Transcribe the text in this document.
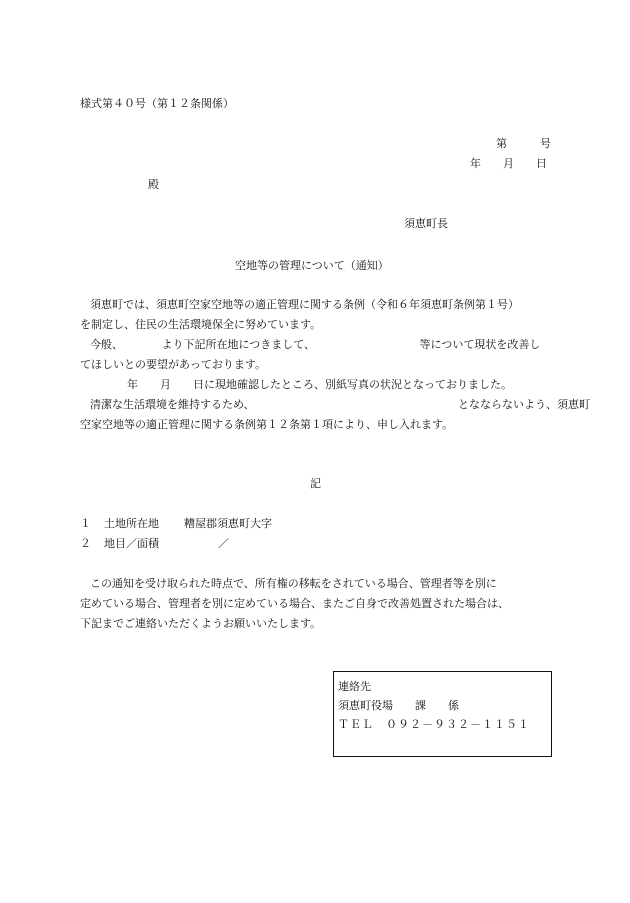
様式第４０号（第１２条関係）
第　　　号
年　　月　　日
殿
須恵町長
空地等の管理について（通知）
須恵町では、須恵町空家空地等の適正管理に関する条例（令和６年須恵町条例第１号）
を制定し、住民の生活環境保全に努めています。
今般、　　　　より下記所在地につきまして、　　　　　　　　　　等について現状を改善し
てほしいとの要望があっております。
年　　月　　日に現地確認したところ、別紙写真の状況となっておりました。
清潔な生活環境を維持するため、　　　　　　　　　　　　　　　　　　　となならないよう、須恵町
空家空地等の適正管理に関する条例第１２条第１項により、申し入れます。
記
１ 土地所在地 糟屋郡須恵町大字
２ 地目／面積	／
この通知を受け取られた時点で、所有権の移転をされている場合、管理者等を別に
定めている場合、管理者を別に定めている場合、またご自身で改善処置された場合は、
下記までご連絡いただくようお願いいたします。
連絡先
須恵町役場　　課　　係
ＴＥＬ　０９２－９３２－１１５１
